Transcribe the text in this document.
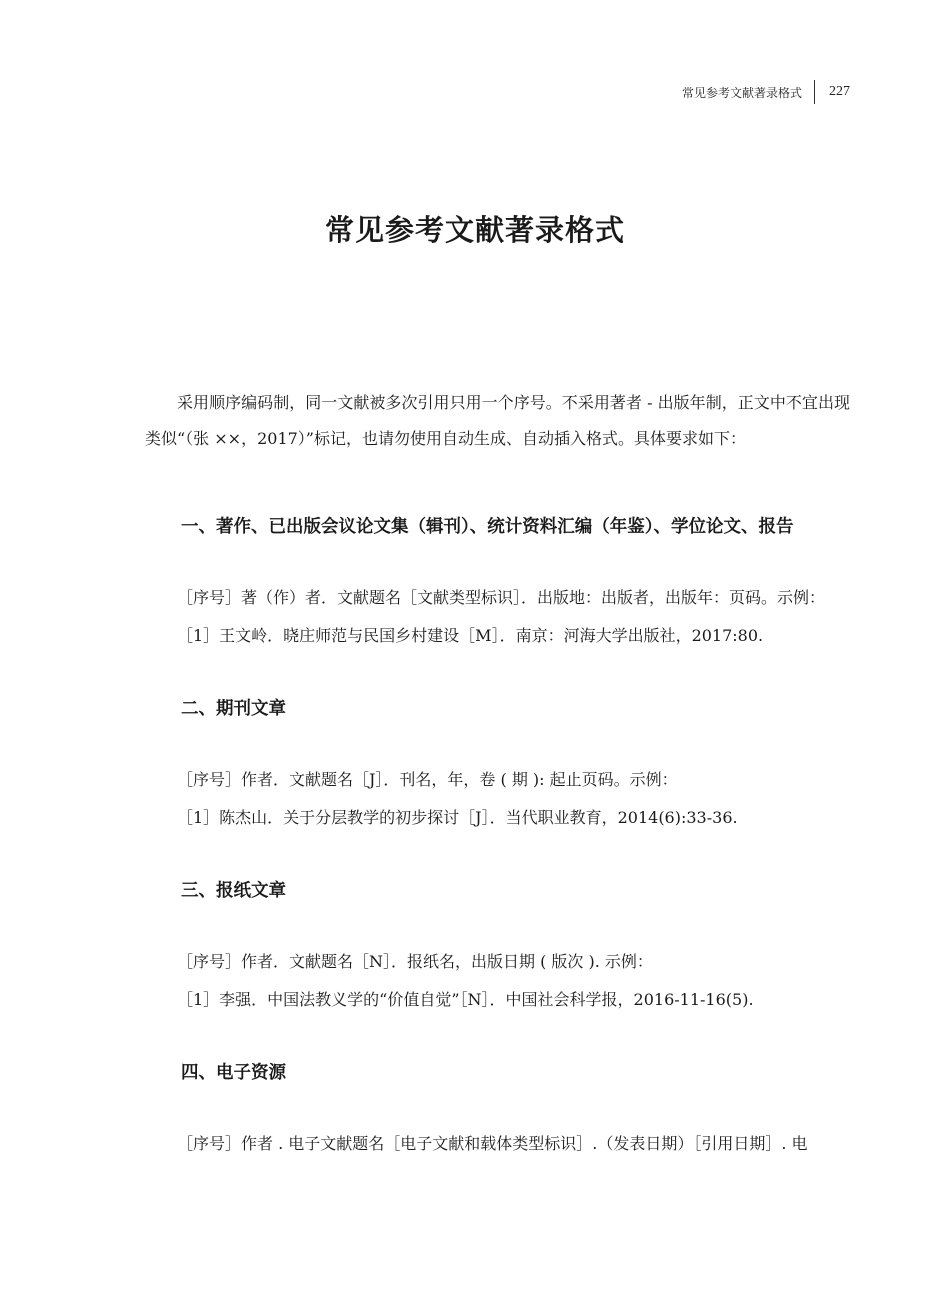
常见参考文献著录格式 227
常见参考文献著录格式

采用顺序编码制，同一文献被多次引用只用一个序号。不采用著者 - 出版年制，正文中不宜出现类似“（张 ××，2017）”标记，也请勿使用自动生成、自动插入格式。具体要求如下：

一、著作、已出版会议论文集（辑刊）、统计资料汇编（年鉴）、学位论文、报告

［序号］著（作）者．文献题名［文献类型标识］．出版地：出版者，出版年：页码。示例：

［1］王文岭．晓庄师范与民国乡村建设［M］．南京：河海大学出版社，2017:80.

二、期刊文章

［序号］作者．文献题名［J］．刊名，年，卷 ( 期 ): 起止页码。示例：

［1］陈杰山．关于分层教学的初步探讨［J］．当代职业教育，2014(6):33-36.

三、报纸文章

［序号］作者．文献题名［N］．报纸名，出版日期 ( 版次 ). 示例：

［1］李强．中国法教义学的“价值自觉”［N］．中国社会科学报，2016-11-16(5).

四、电子资源

［序号］作者 . 电子文献题名［电子文献和载体类型标识］.（发表日期）［引用日期］. 电
